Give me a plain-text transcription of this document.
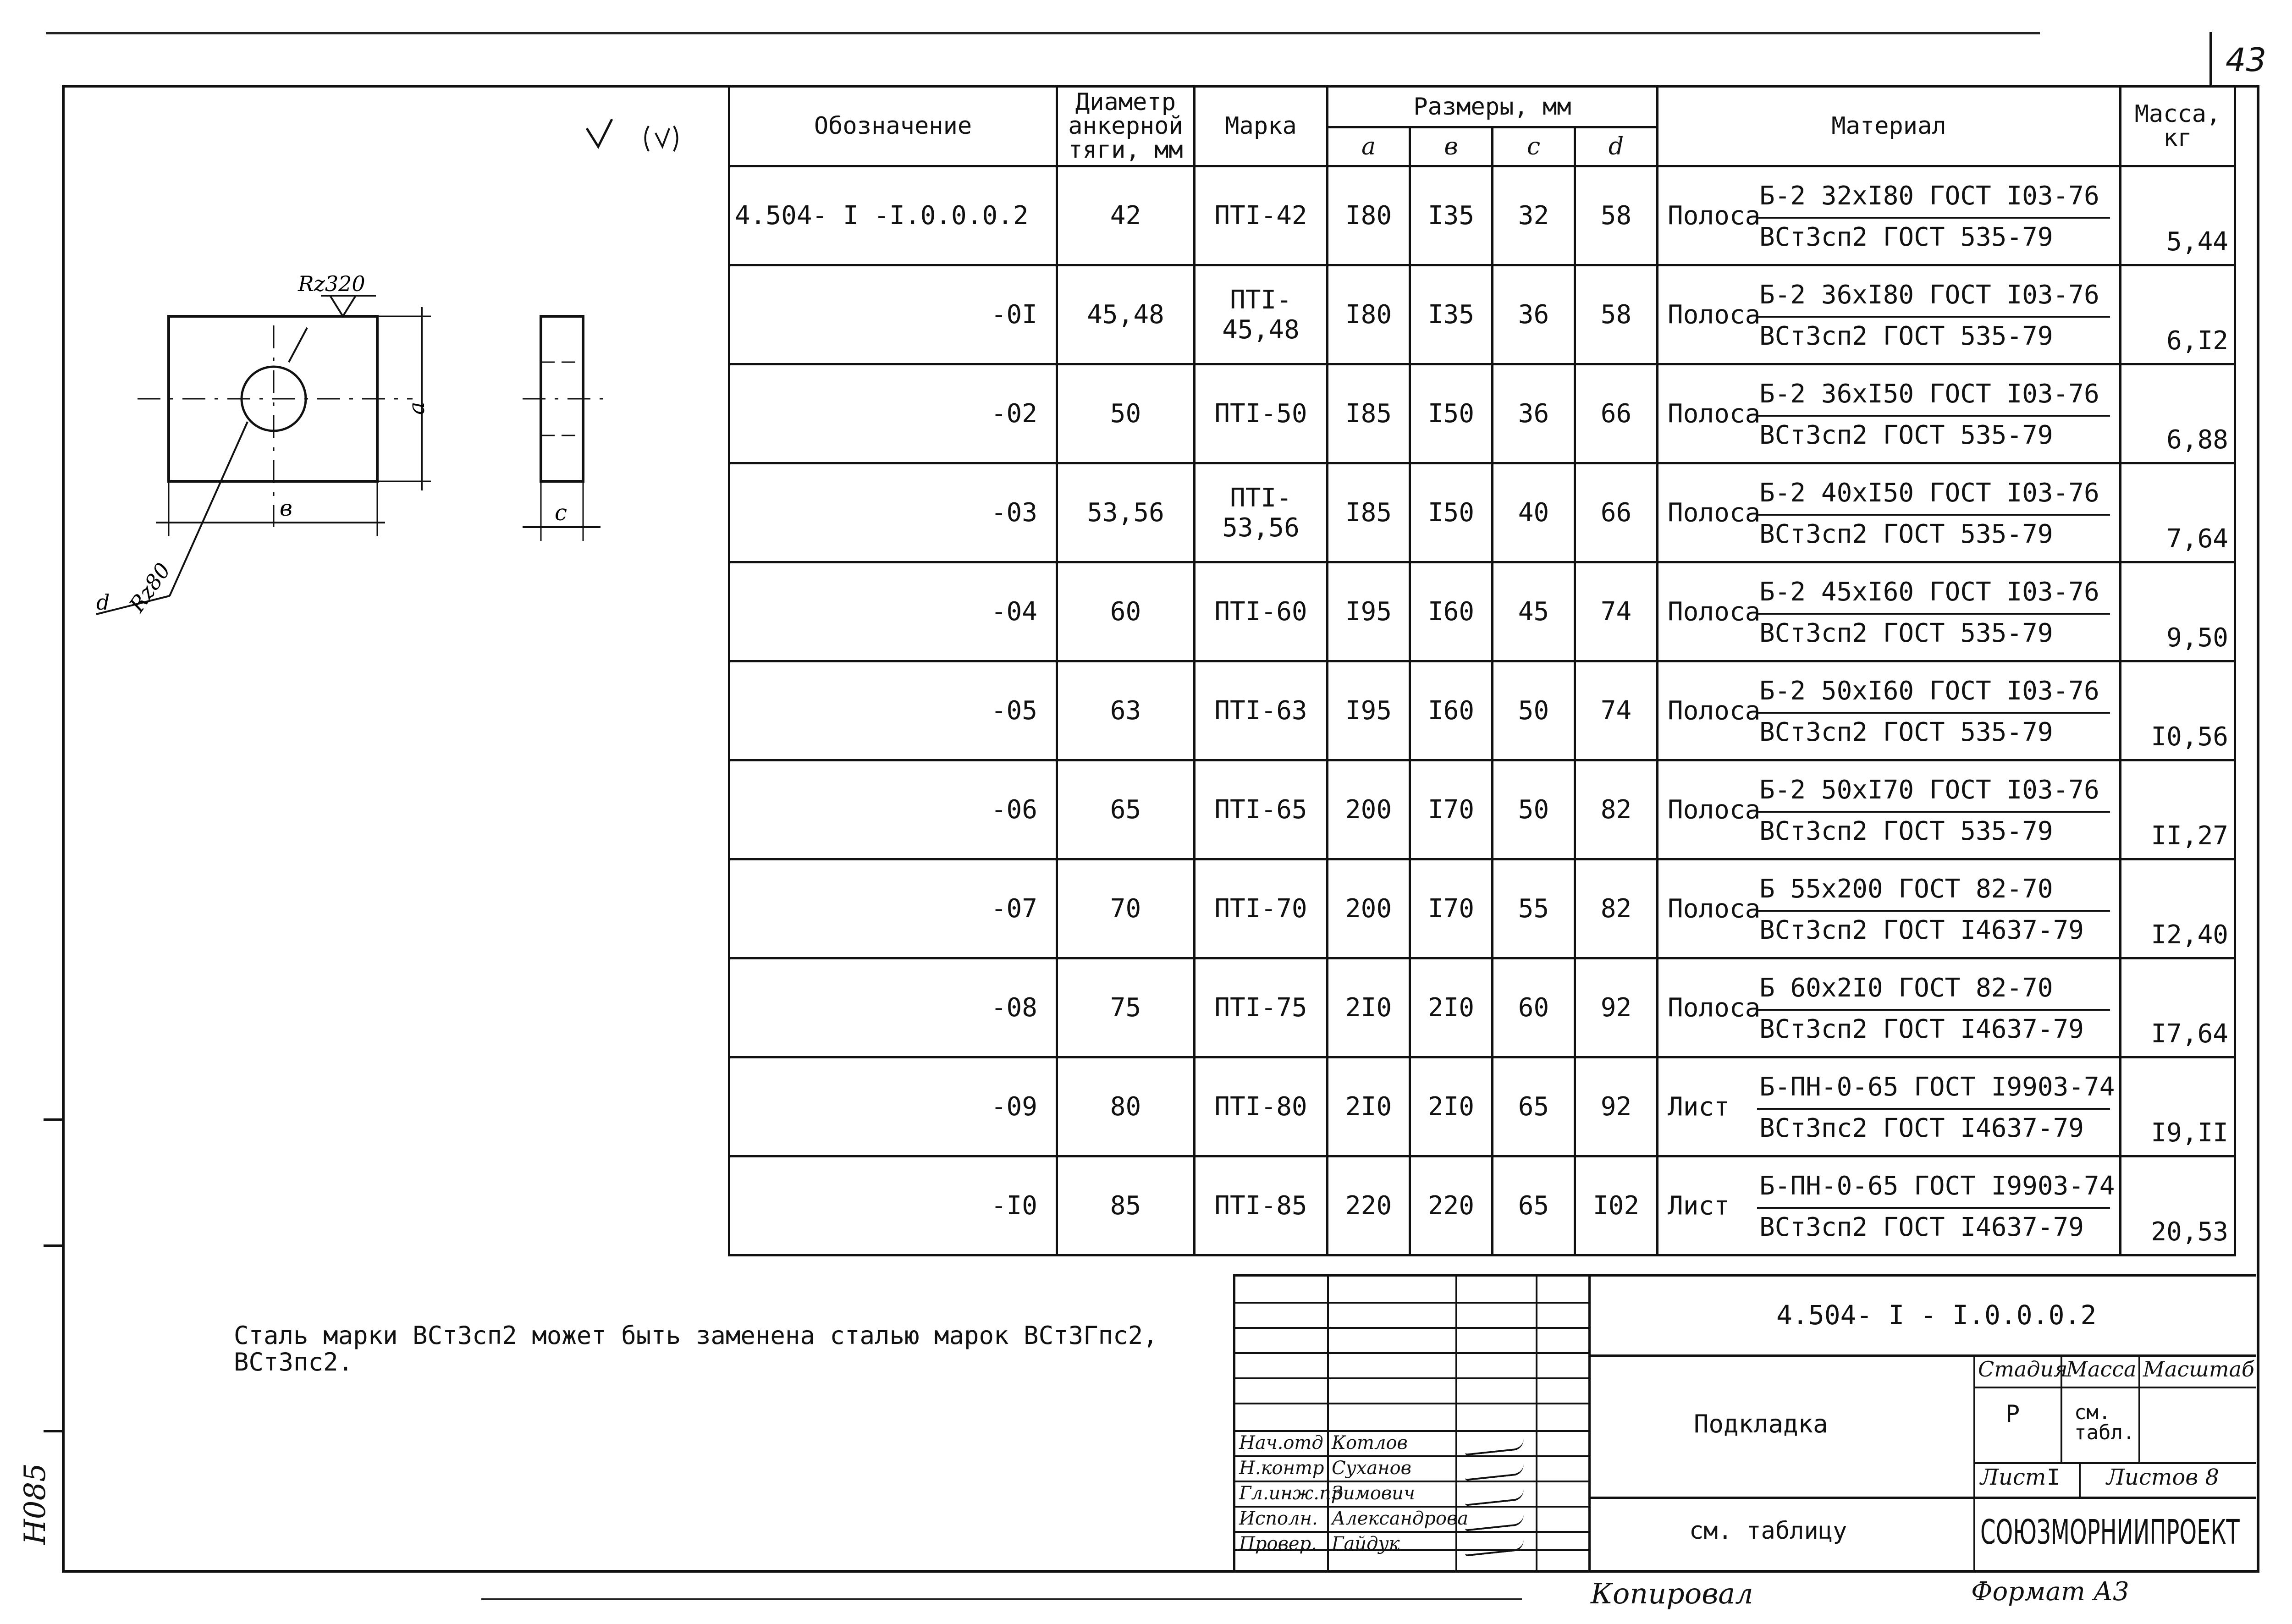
43
Н085
Rz320
a
в
Rz80
d
c
Обозначение	Диаметр анкерной тяги, мм	Марка	Размеры, мм				Материал	Масса, кг
			a	в	c	d		
4.504- I -I.0.0.0.2	42	ПТI-42	I80	I35	32	58	Полоса
Б-2 32хI80 ГОСТ I03-76
ВСт3сп2 ГОСТ 535-79	5,44
-0I	45,48	ПТI-45,48	I80	I35	36	58	Полоса
Б-2 36хI80 ГОСТ I03-76
ВСт3сп2 ГОСТ 535-79	6,I2
-02	50	ПТI-50	I85	I50	36	66	Полоса
Б-2 36хI50 ГОСТ I03-76
ВСт3сп2 ГОСТ 535-79	6,88
-03	53,56	ПТI-53,56	I85	I50	40	66	Полоса
Б-2 40хI50 ГОСТ I03-76
ВСт3сп2 ГОСТ 535-79	7,64
-04	60	ПТI-60	I95	I60	45	74	Полоса
Б-2 45хI60 ГОСТ I03-76
ВСт3сп2 ГОСТ 535-79	9,50
-05	63	ПТI-63	I95	I60	50	74	Полоса
Б-2 50хI60 ГОСТ I03-76
ВСт3сп2 ГОСТ 535-79	I0,56
-06	65	ПТI-65	200	I70	50	82	Полоса
Б-2 50хI70 ГОСТ I03-76
ВСт3сп2 ГОСТ 535-79	II,27
-07	70	ПТI-70	200	I70	55	82	Полоса
Б 55х200 ГОСТ 82-70
ВСт3сп2 ГОСТ I4637-79	I2,40
-08	75	ПТI-75	2I0	2I0	60	92	Полоса
Б 60х2I0 ГОСТ 82-70
ВСт3сп2 ГОСТ I4637-79	I7,64
-09	80	ПТI-80	2I0	2I0	65	92	Лист
Б-ПН-0-65 ГОСТ I9903-74
ВСт3пс2 ГОСТ I4637-79	I9,II
-I0	85	ПТI-85	220	220	65	I02	Лист
Б-ПН-0-65 ГОСТ I9903-74
ВСт3сп2 ГОСТ I4637-79	20,53
Сталь марки ВСт3сп2 может быть заменена сталью марок ВСт3Гпс2,
ВСт3пс2.
4.504- I - I.0.0.0.2
Подкладка
см. таблицу
Стадия
Масса Масштаб
Р	см. табл.
Лист I Листов 8
СОЮЗМОРНИИПРОЕКТ
Нач.отд Котлов
Н.контр Суханов
Гл.инж.пр
Зимович
Исполн. Александрова
Провер. Гайдук
Копировал	Формат А3
